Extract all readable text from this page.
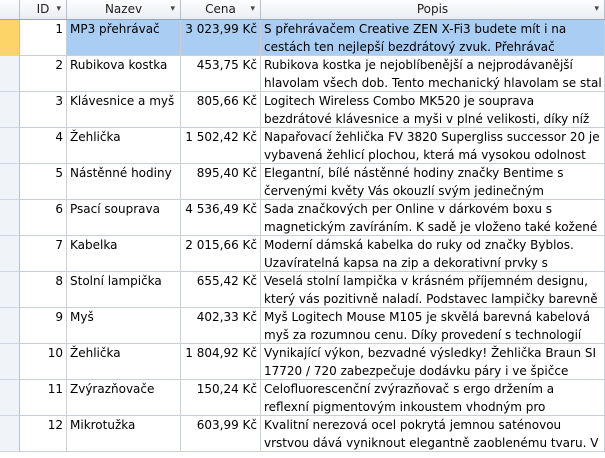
ID ▾	Nazev	▾	Cena ▾	Popis	▾
1 MP3 přehrávač	3 023,99 Kč S přehrávačem Creative ZEN X-Fi3 budete mít i na cestách ten nejlepší bezdrátový zvuk. Přehrávač
2 Rubikova kostka	453,75 Kč Rubikova kostka je nejoblíbenější a nejprodávanější hlavolam všech dob. Tento mechanický hlavolam se stal
3 Klávesnice a myš	805,66 Kč Logitech Wireless Combo MK520 je souprava bezdrátové klávesnice a myši v plné velikosti, díky níž
4 Žehlička	1 502,42 Kč Napařovací žehlička FV 3820 Supergliss successor 20 je vybavená žehlicí plochou, která má vysokou odolnost
5 Nástěnné hodiny	895,40 Kč Elegantní, bílé nástěnné hodiny značky Bentime s červenými květy Vás okouzlí svým jedinečným
6 Psací souprava	4 536,49 Kč Sada značkových per Online v dárkovém boxu s magnetickým zavíráním. K sadě je vloženo také kožené
7 Kabelka	2 015,66 Kč Moderní dámská kabelka do ruky od značky Byblos. Uzavíratelná kapsa na zip a dekorativní prvky s
8 Stolní lampička	655,42 Kč Veselá stolní lampička v krásném příjemném designu, který vás pozitivně naladí. Podstavec lampičky barevně
9 Myš	402,33 Kč Myš Logitech Mouse M105 je skvělá barevná kabelová myš za rozumnou cenu. Díky provedení s technologií
10 Žehlička	1 804,92 Kč Vynikající výkon, bezvadné výsledky! Žehlička Braun SI 17720 / 720 zabezpečuje dodávku páry i ve špičce
11 Zvýrazňovače	150,24 Kč Celofluorescenční zvýrazňovač s ergo držením a reflexní pigmentovým inkoustem vhodným pro
12 Mikrotužka	603,99 Kč Kvalitní nerezová ocel pokrytá jemnou saténovou vrstvou dává vyniknout elegantně zaoblenému tvaru. V
